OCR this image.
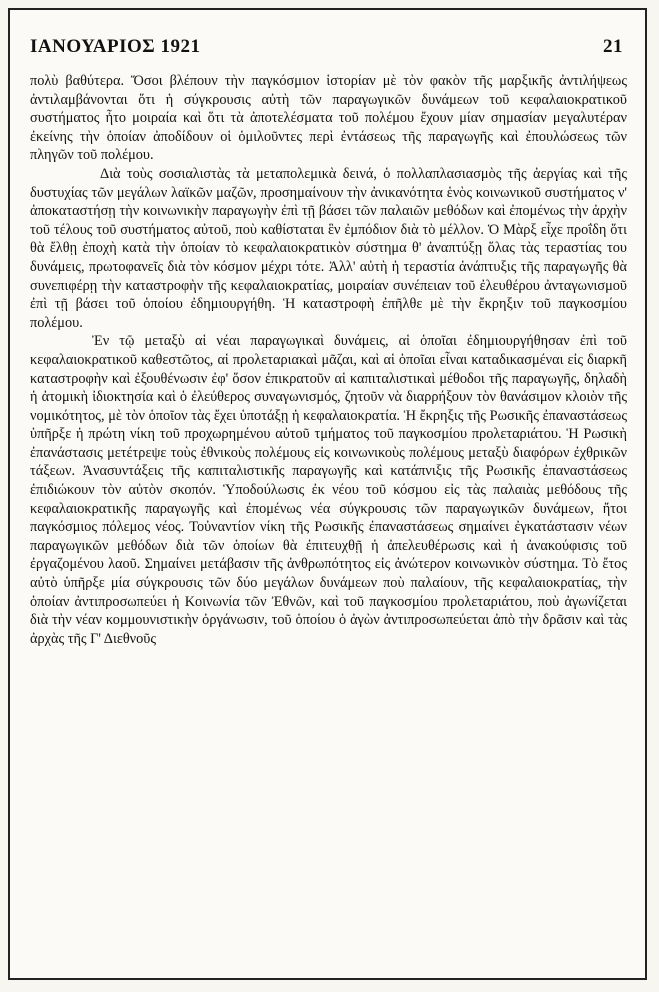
ΙΑΝΟΥΑΡΙΟΣ 1921	21

πολὺ βαθύτερα. Ὅσοι βλέπουν τὴν παγκόσμιον ἱστορίαν μὲ τὸν φακὸν τῆς μαρξικῆς ἀντιλήψεως ἀντιλαμβάνονται ὅτι ἡ σύγκρουσις αὐτὴ τῶν παραγωγικῶν δυνάμεων τοῦ κεφαλαιοκρατικοῦ συστήματος ἦτο μοιραία καὶ ὅτι τὰ ἀποτελέσματα τοῦ πολέμου ἔχουν μίαν σημασίαν μεγαλυτέραν ἐκείνης τὴν ὁποίαν ἀποδίδουν οἱ ὁμιλοῦντες περὶ ἐντάσεως τῆς παραγωγῆς καὶ ἐπουλώσεως τῶν πληγῶν τοῦ πολέμου.

Διὰ τοὺς σοσιαλιστὰς τὰ μεταπολεμικὰ δεινά, ὁ πολλαπλασιασμὸς τῆς ἀεργίας καὶ τῆς δυστυχίας τῶν μεγάλων λαϊκῶν μαζῶν, προσημαίνουν τὴν ἀνικανότητα ἑνὸς κοινωνικοῦ συστήματος ν' ἀποκαταστήσῃ τὴν κοινωνικὴν παραγωγὴν ἐπὶ τῇ βάσει τῶν παλαιῶν μεθόδων καὶ ἐπομένως τὴν ἀρχὴν τοῦ τέλους τοῦ συστήματος αὐτοῦ, ποὺ καθίσταται ἓν ἐμπόδιον διὰ τὸ μέλλον. Ὁ Μὰρξ εἶχε προΐδη ὅτι θὰ ἔλθῃ ἐποχὴ κατὰ τὴν ὁποίαν τὸ κεφαλαιοκρατικὸν σύστημα θ' ἀναπτύξῃ ὅλας τὰς τεραστίας του δυνάμεις, πρωτοφανεῖς διὰ τὸν κόσμον μέχρι τότε. Ἀλλ' αὐτὴ ἡ τεραστία ἀνάπτυξις τῆς παραγωγῆς θὰ συνεπιφέρῃ τὴν καταστροφὴν τῆς κεφαλαιοκρατίας, μοιραίαν συνέπειαν τοῦ ἐλευθέρου ἀνταγωνισμοῦ ἐπὶ τῇ βάσει τοῦ ὁποίου ἐδημιουργήθη. Ἡ καταστροφὴ ἐπῆλθε μὲ τὴν ἔκρηξιν τοῦ παγκοσμίου πολέμου.

Ἐν τῷ μεταξὺ αἱ νέαι παραγωγικαὶ δυνάμεις, αἱ ὁποῖαι ἐδημιουργήθησαν ἐπὶ τοῦ κεφαλαιοκρατικοῦ καθεστῶτος, αἱ προλεταριακαὶ μᾶζαι, καὶ αἱ ὁποῖαι εἶναι καταδικασμέναι εἰς διαρκῆ καταστροφὴν καὶ ἐξουθένωσιν ἐφ' ὅσον ἐπικρατοῦν αἱ καπιταλιστικαὶ μέθοδοι τῆς παραγωγῆς, δηλαδὴ ἡ ἀτομικὴ ἰδιοκτησία καὶ ὁ ἐλεύθερος συναγωνισμός, ζητοῦν νὰ διαρρήξουν τὸν θανάσιμον κλοιὸν τῆς νομικότητος, μὲ τὸν ὁποῖον τὰς ἔχει ὑποτάξῃ ἡ κεφαλαιοκρατία. Ἡ ἔκρηξις τῆς Ρωσικῆς ἐπαναστάσεως ὑπῆρξε ἡ πρώτη νίκη τοῦ προχωρημένου αὐτοῦ τμήματος τοῦ παγκοσμίου προλεταριάτου. Ἡ Ρωσικὴ ἐπανάστασις μετέτρεψε τοὺς ἐθνικοὺς πολέμους εἰς κοινωνικοὺς πολέμους μεταξὺ διαφόρων ἐχθρικῶν τάξεων. Ἀνασυντάξεις τῆς καπιταλιστικῆς παραγωγῆς καὶ κατάπνιξις τῆς Ρωσικῆς ἐπαναστάσεως ἐπιδιώκουν τὸν αὐτὸν σκοπόν. Ὑποδούλωσις ἐκ νέου τοῦ κόσμου εἰς τὰς παλαιὰς μεθόδους τῆς κεφαλαιοκρατικῆς παραγωγῆς καὶ ἐπομένως νέα σύγκρουσις τῶν παραγωγικῶν δυνάμεων, ἤτοι παγκόσμιος πόλεμος νέος. Τοὐναντίον νίκη τῆς Ρωσικῆς ἐπαναστάσεως σημαίνει ἐγκατάστασιν νέων παραγωγικῶν μεθόδων διὰ τῶν ὁποίων θὰ ἐπιτευχθῇ ἡ ἀπελευθέρωσις καὶ ἡ ἀνακούφισις τοῦ ἐργαζομένου λαοῦ. Σημαίνει μετάβασιν τῆς ἀνθρωπότητος εἰς ἀνώτερον κοινωνικὸν σύστημα. Τὸ ἔτος αὐτὸ ὑπῆρξε μία σύγκρουσις τῶν δύο μεγάλων δυνάμεων ποὺ παλαίουν, τῆς κεφαλαιοκρατίας, τὴν ὁποίαν ἀντιπροσωπεύει ἡ Κοινωνία τῶν Ἐθνῶν, καὶ τοῦ παγκοσμίου προλεταριάτου, ποὺ ἀγωνίζεται διὰ τὴν νέαν κομμουνιστικὴν ὀργάνωσιν, τοῦ ὁποίου ὁ ἀγὼν ἀντιπροσωπεύεται ἀπὸ τὴν δρᾶσιν καὶ τὰς ἀρχὰς τῆς Γ' Διεθνοῦς
